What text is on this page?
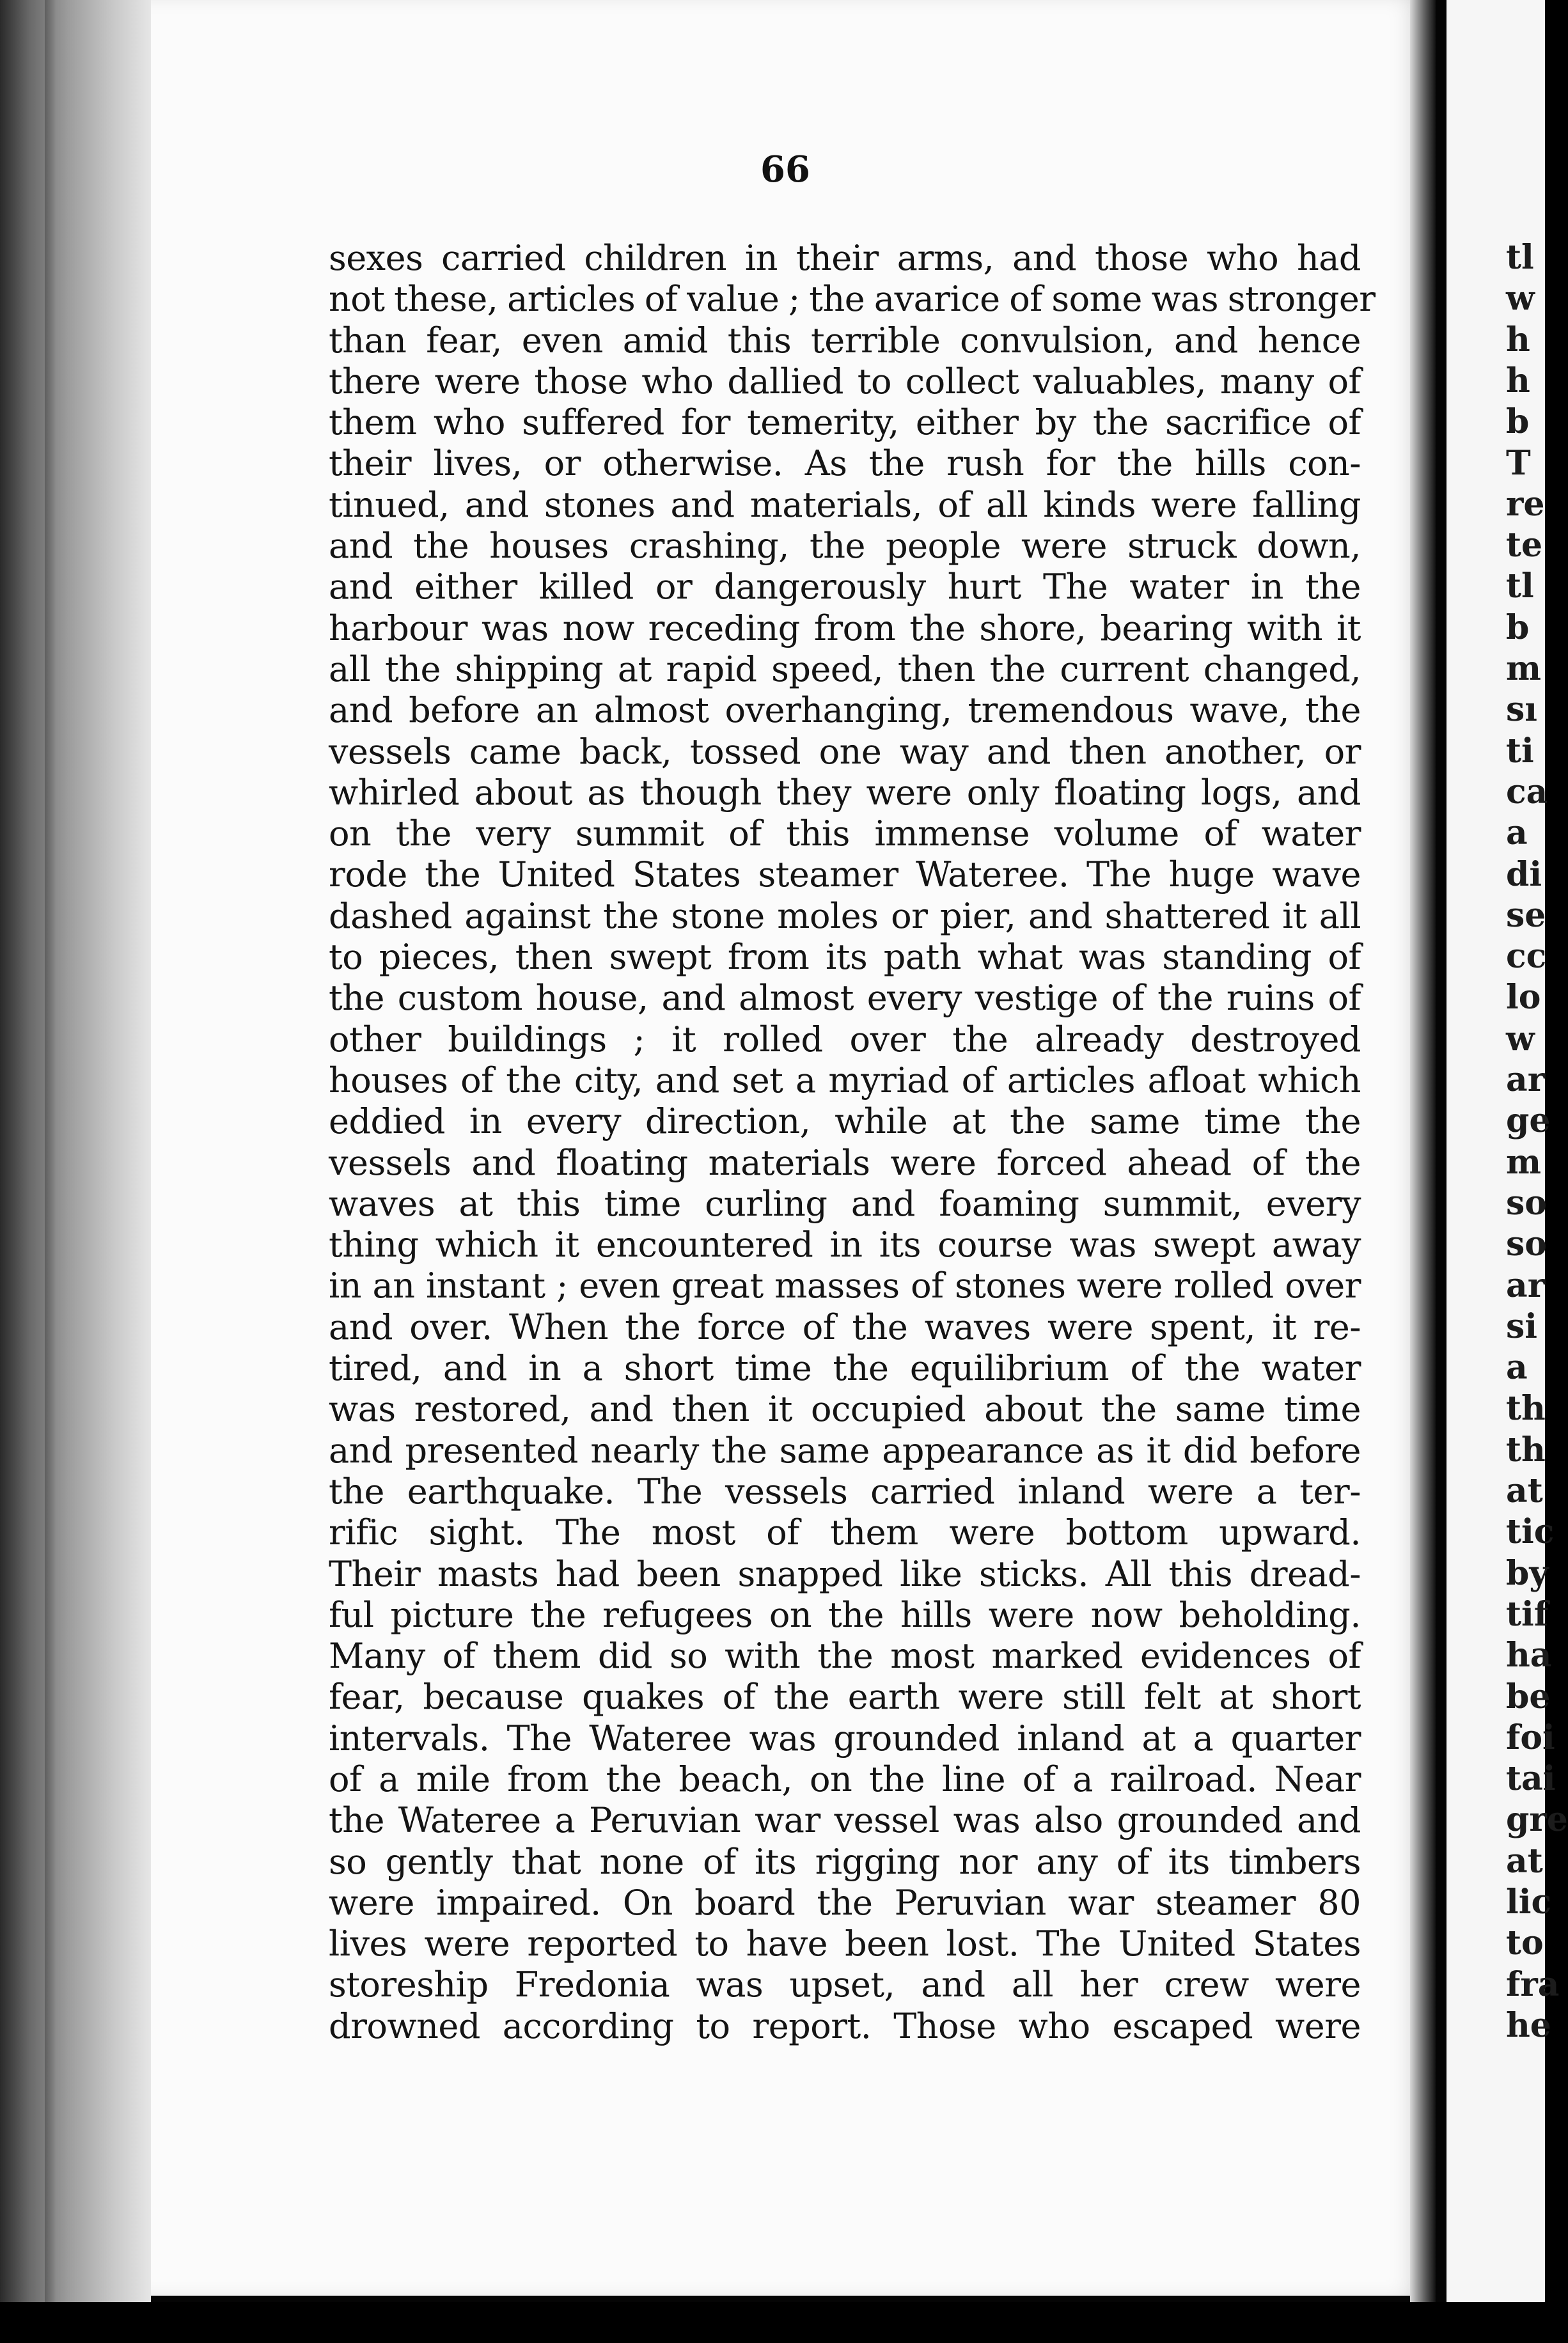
66
sexes carried children in their arms, and those who had
not these, articles of value ; the avarice of some was stronger
than fear, even amid this terrible convulsion, and hence
there were those who dallied to collect valuables, many of
them who suffered for temerity, either by the sacrifice of
their lives, or otherwise. As the rush for the hills con-
tinued, and stones and materials, of all kinds were falling
and the houses crashing, the people were struck down,
and either killed or dangerously hurt The water in the
harbour was now receding from the shore, bearing with it
all the shipping at rapid speed, then the current changed,
and before an almost overhanging, tremendous wave, the
vessels came back, tossed one way and then another, or
whirled about as though they were only floating logs, and
on the very summit of this immense volume of water
rode the United States steamer Wateree. The huge wave
dashed against the stone moles or pier, and shattered it all
to pieces, then swept from its path what was standing of
the custom house, and almost every vestige of the ruins of
other buildings ; it rolled over the already destroyed
houses of the city, and set a myriad of articles afloat which
eddied in every direction, while at the same time the
vessels and floating materials were forced ahead of the
waves at this time curling and foaming summit, every
thing which it encountered in its course was swept away
in an instant ; even great masses of stones were rolled over
and over. When the force of the waves were spent, it re-
tired, and in a short time the equilibrium of the water
was restored, and then it occupied about the same time
and presented nearly the same appearance as it did before
the earthquake. The vessels carried inland were a ter-
rific sight. The most of them were bottom upward.
Their masts had been snapped like sticks. All this dread-
ful picture the refugees on the hills were now beholding.
Many of them did so with the most marked evidences of
fear, because quakes of the earth were still felt at short
intervals. The Wateree was grounded inland at a quarter
of a mile from the beach, on the line of a railroad. Near
the Wateree a Peruvian war vessel was also grounded and
so gently that none of its rigging nor any of its timbers
were impaired. On board the Peruvian war steamer 80
lives were reported to have been lost. The United States
storeship Fredonia was upset, and all her crew were
drowned according to report. Those who escaped were
tl
w
h
h
b
T
re
te
tl
b
m
sı
ti
ca
a
di
se
cc
lo
w
ar
ge
m
so
so
ar
si
a
th
th
at
tic
by
tif
ha
be
foi
tai
gre
at
lic
to
fra
he
